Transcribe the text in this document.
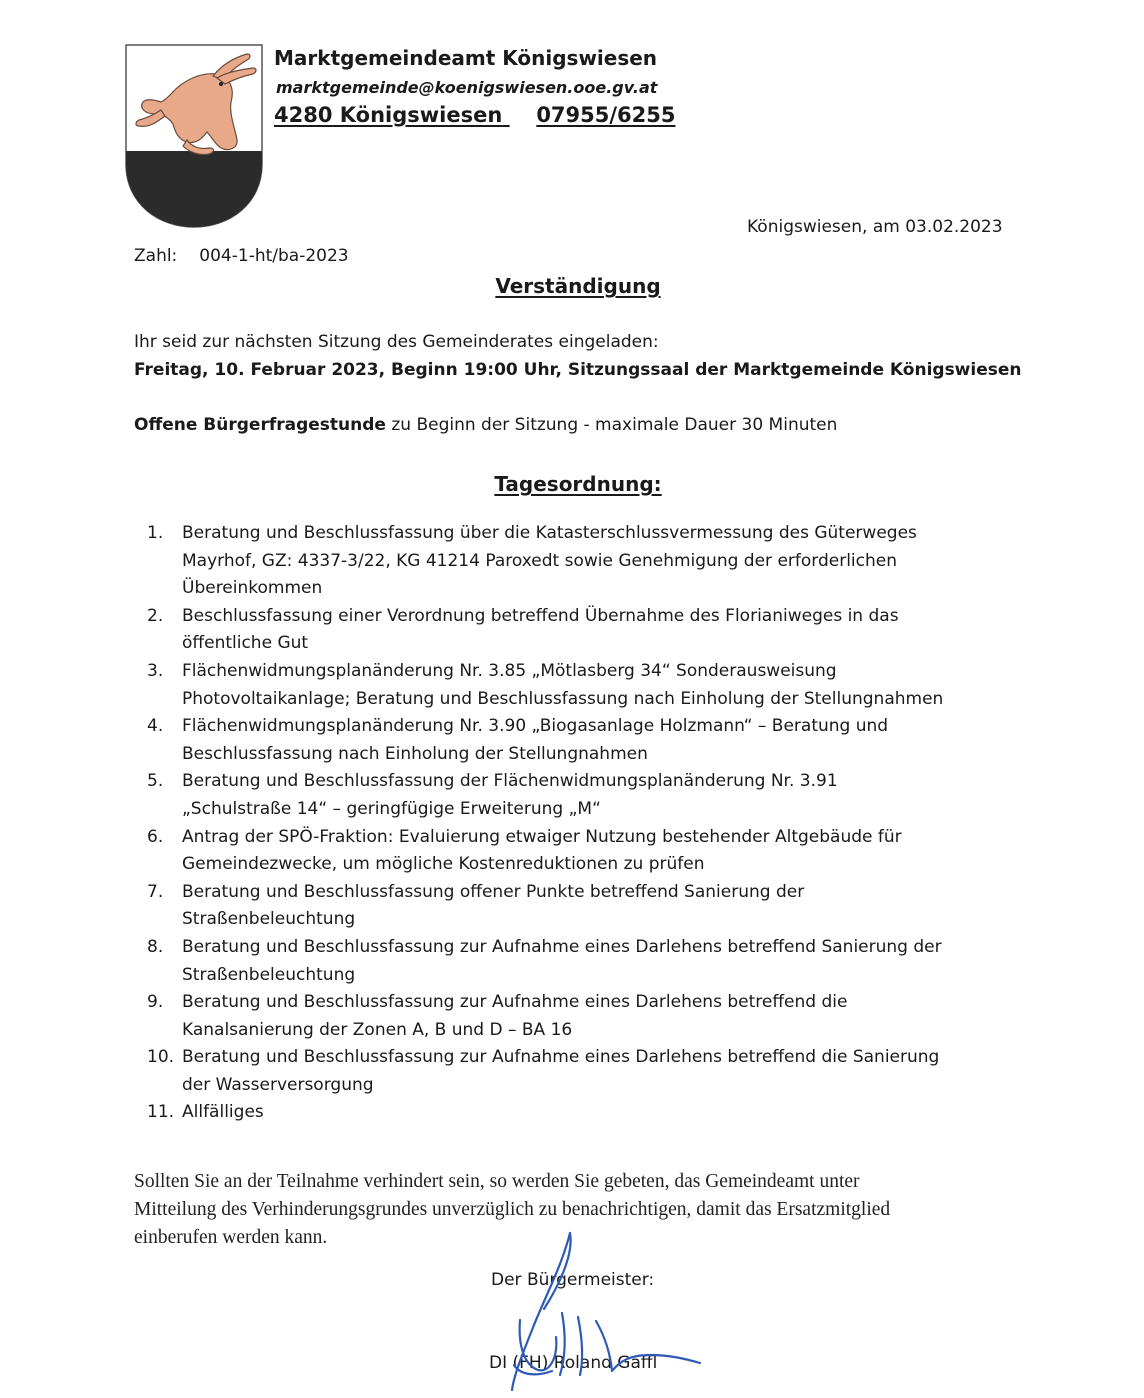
Marktgemeindeamt Königswiesen
marktgemeinde@koenigswiesen.ooe.gv.at
4280 Königswiesen 07955/6255
Königswiesen, am 03.02.2023
Zahl: 004-1-ht/ba-2023
Verständigung
Ihr seid zur nächsten Sitzung des Gemeinderates eingeladen:
Freitag, 10. Februar 2023, Beginn 19:00 Uhr, Sitzungssaal der Marktgemeinde Königswiesen
Offene Bürgerfragestunde zu Beginn der Sitzung - maximale Dauer 30 Minuten
Tagesordnung:
1. Beratung und Beschlussfassung über die Katasterschlussvermessung des Güterweges
Mayrhof, GZ: 4337-3/22, KG 41214 Paroxedt sowie Genehmigung der erforderlichen
Übereinkommen
2. Beschlussfassung einer Verordnung betreffend Übernahme des Florianiweges in das
öffentliche Gut
3. Flächenwidmungsplanänderung Nr. 3.85 „Mötlasberg 34“ Sonderausweisung
Photovoltaikanlage; Beratung und Beschlussfassung nach Einholung der Stellungnahmen
4. Flächenwidmungsplanänderung Nr. 3.90 „Biogasanlage Holzmann“ – Beratung und
Beschlussfassung nach Einholung der Stellungnahmen
5. Beratung und Beschlussfassung der Flächenwidmungsplanänderung Nr. 3.91
„Schulstraße 14“ – geringfügige Erweiterung „M“
6. Antrag der SPÖ-Fraktion: Evaluierung etwaiger Nutzung bestehender Altgebäude für
Gemeindezwecke, um mögliche Kostenreduktionen zu prüfen
7. Beratung und Beschlussfassung offener Punkte betreffend Sanierung der
Straßenbeleuchtung
8. Beratung und Beschlussfassung zur Aufnahme eines Darlehens betreffend Sanierung der
Straßenbeleuchtung
9. Beratung und Beschlussfassung zur Aufnahme eines Darlehens betreffend die
Kanalsanierung der Zonen A, B und D – BA 16
10. Beratung und Beschlussfassung zur Aufnahme eines Darlehens betreffend die Sanierung
der Wasserversorgung
11. Allfälliges
Sollten Sie an der Teilnahme verhindert sein, so werden Sie gebeten, das Gemeindeamt unter
Mitteilung des Verhinderungsgrundes unverzüglich zu benachrichtigen, damit das Ersatzmitglied
einberufen werden kann.
Der Bürgermeister:
DI (FH) Roland Gaffl
